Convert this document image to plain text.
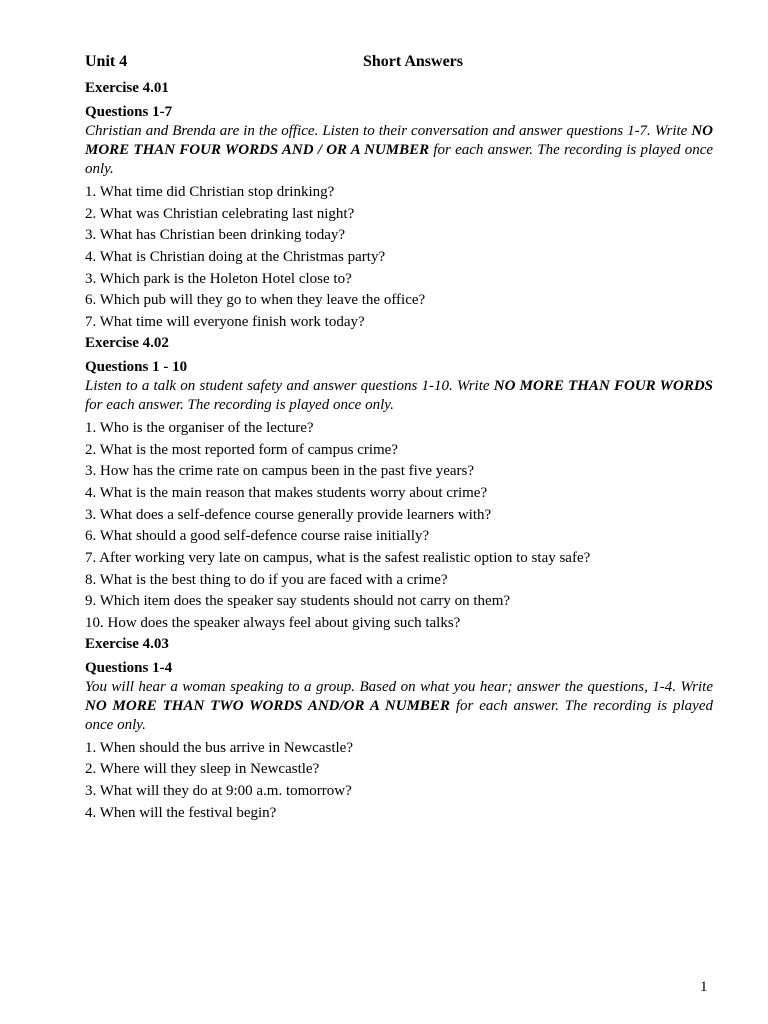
Unit 4	Short Answers
Exercise 4.01
Questions 1-7

Christian and Brenda are in the office. Listen to their conversation and answer questions 1-7. Write NO MORE THAN FOUR WORDS AND / OR A NUMBER for each answer. The recording is played once only.

1. What time did Christian stop drinking?
2. What was Christian celebrating last night?
3. What has Christian been drinking today?
4. What is Christian doing at the Christmas party?
3. Which park is the Holeton Hotel close to?
6. Which pub will they go to when they leave the office?
7. What time will everyone finish work today?
Exercise 4.02
Questions 1 - 10

Listen to a talk on student safety and answer questions 1-10. Write NO MORE THAN FOUR WORDS for each answer. The recording is played once only.

1. Who is the organiser of the lecture?
2. What is the most reported form of campus crime?
3. How has the crime rate on campus been in the past five years?
4. What is the main reason that makes students worry about crime?
3. What does a self-defence course generally provide learners with?
6. What should a good self-defence course raise initially?
7. After working very late on campus, what is the safest realistic option to stay safe?
8. What is the best thing to do if you are faced with a crime?
9. Which item does the speaker say students should not carry on them?
10. How does the speaker always feel about giving such talks?
Exercise 4.03
Questions 1-4

You will hear a woman speaking to a group. Based on what you hear; answer the questions, 1-4. Write NO MORE THAN TWO WORDS AND/OR A NUMBER for each answer. The recording is played once only.

1. When should the bus arrive in Newcastle?
2. Where will they sleep in Newcastle?
3. What will they do at 9:00 a.m. tomorrow?
4. When will the festival begin?
1
